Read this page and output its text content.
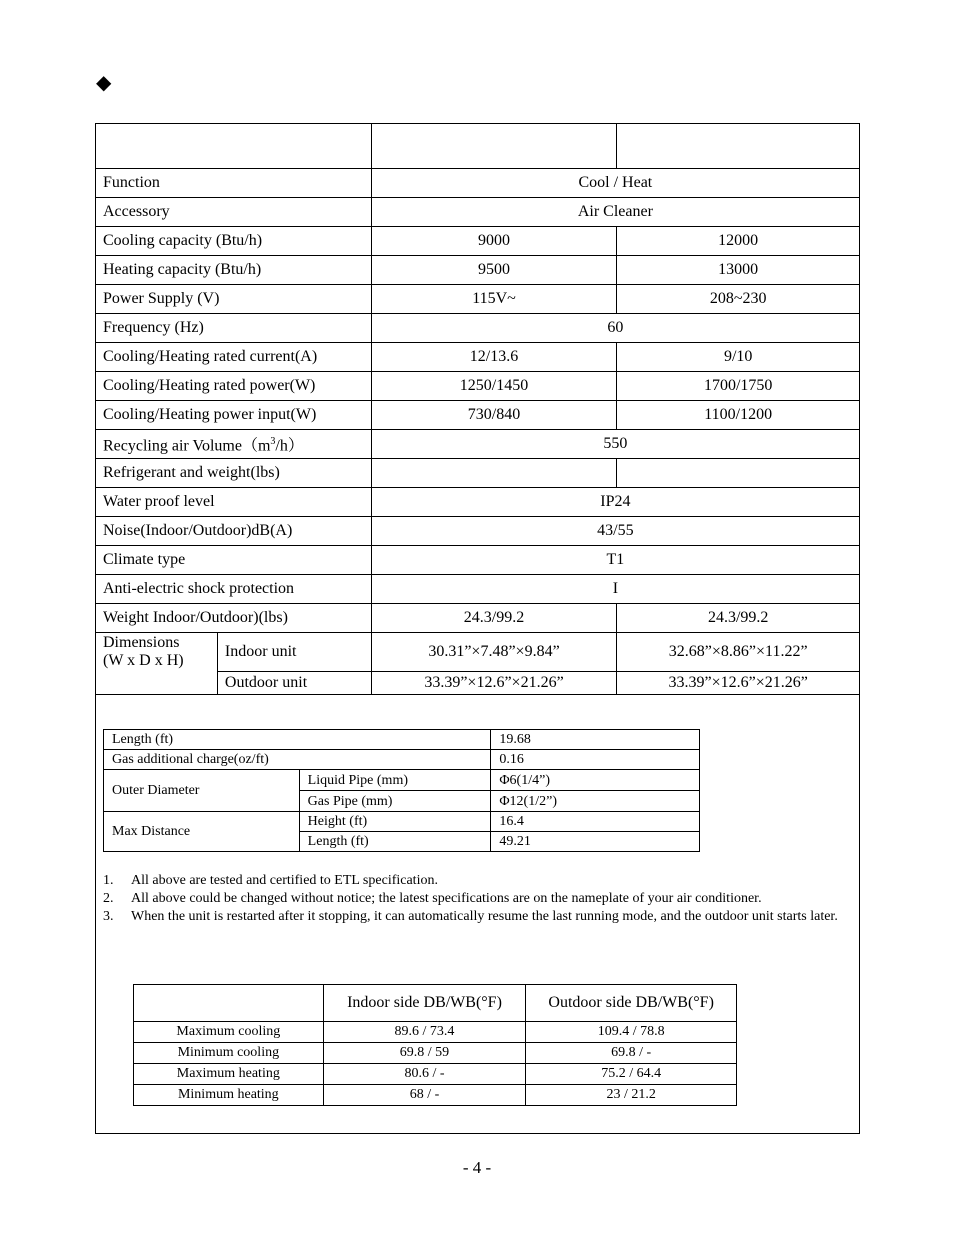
◆

Function		Cool / Heat	
Accessory		Air Cleaner	
Cooling capacity (Btu/h)		9000	12000
Heating capacity (Btu/h)		9500	13000
Power Supply (V)		115V~	208~230
Frequency (Hz)		60	
Cooling/Heating rated current(A)		12/13.6	9/10
Cooling/Heating rated power(W)		1250/1450	1700/1750
Cooling/Heating power input(W)		730/840	1100/1200
Recycling air $Volume(m^3/h)$		550	
Refrigerant and weight(lbs)			
Water proof level		IP24	
Noise(Indoor/Outdoor)dB(A)		43/55	
Climate type		T1	
Anti-electric shock protection		I	
Weight Indoor/Outdoor)(lbs)		24.3/99.2	24.3/99.2

Dimensions
(W x D x H)	Indoor unit	30.31”×7.48”×9.84”	32.68”×8.86”×11.22”
	Outdoor unit	33.39”×12.6”×21.26”	33.39”×12.6”×21.26”
Length (ft)		19.68
Gas additional charge(oz/ft)		0.16
Outer Diameter	Liquid Pipe (mm)	Φ6(1/4”)
	Gas Pipe (mm)	Φ12(1/2”)
Max Distance	Height (ft)	16.4
	Length (ft)	49.21
1. All above are tested and certified to ETL specification.
2. All above could be changed without notice; the latest specifications are on the nameplate of your air conditioner.
3. When the unit is restarted after it stopping, it can automatically resume the last running mode, and the outdoor unit starts later.
	Indoor side DB/WB(°F)	Outdoor side DB/WB(°F)
Maximum cooling	89.6 / 73.4	109.4 / 78.8
Minimum cooling	69.8 / 59	69.8 / -
Maximum heating	80.6 / -	75.2 / 64.4
Minimum heating	68 / -	23 / 21.2
- 4 -
